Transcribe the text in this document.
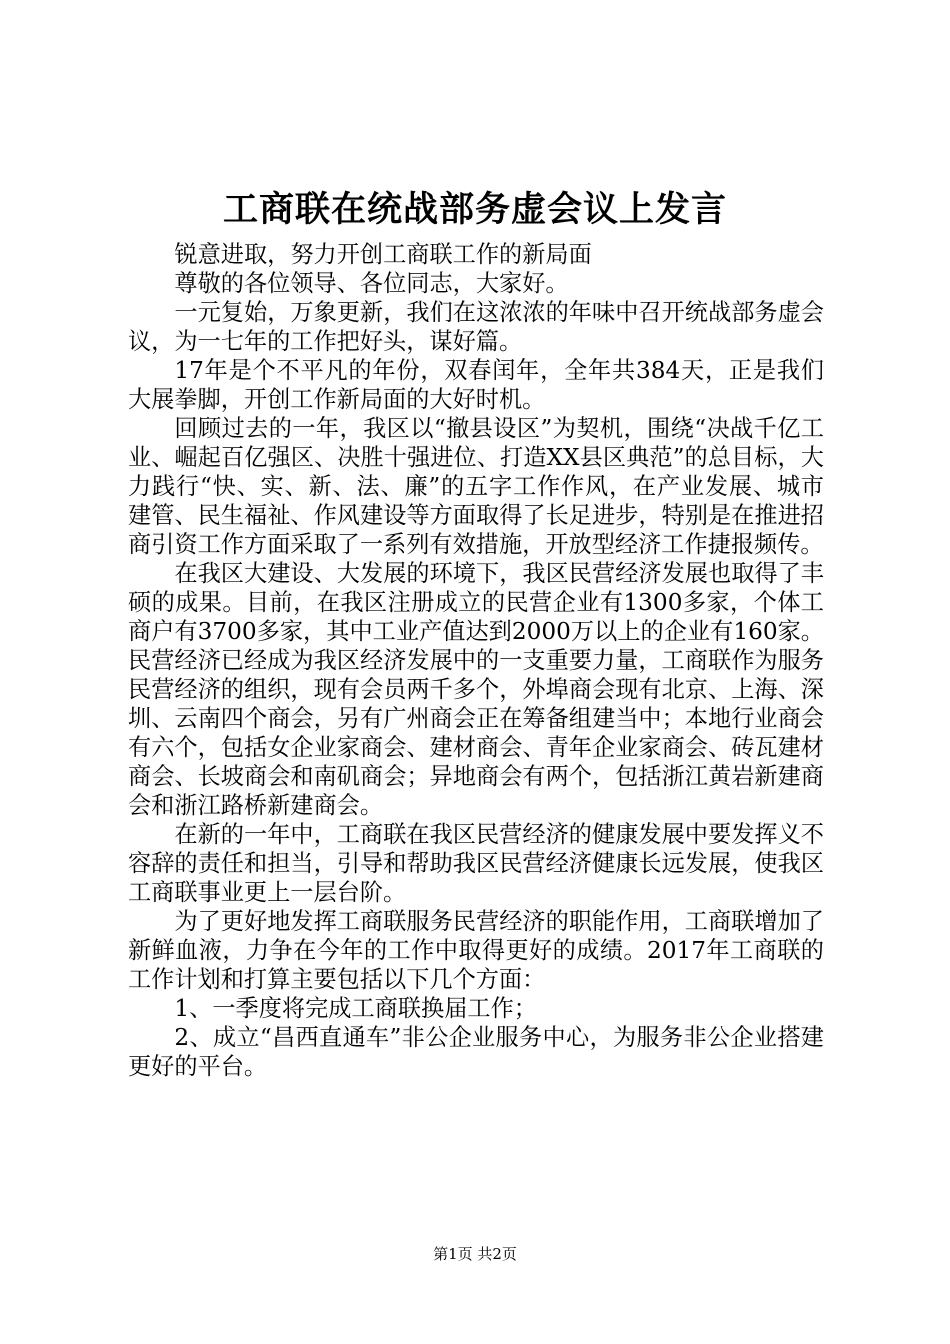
工商联在统战部务虚会议上发言

锐意进取，努力开创工商联工作的新局面

尊敬的各位领导、各位同志，大家好。

一元复始，万象更新，我们在这浓浓的年味中召开统战部务虚会议，为一七年的工作把好头，谋好篇。

17年是个不平凡的年份，双春闰年，全年共384天，正是我们大展拳脚，开创工作新局面的大好时机。

回顾过去的一年，我区以“撤县设区”为契机，围绕“决战千亿工业、崛起百亿强区、决胜十强进位、打造XX县区典范”的总目标，大力践行“快、实、新、法、廉”的五字工作作风，在产业发展、城市建管、民生福祉、作风建设等方面取得了长足进步，特别是在推进招商引资工作方面采取了一系列有效措施，开放型经济工作捷报频传。

在我区大建设、大发展的环境下，我区民营经济发展也取得了丰硕的成果。目前，在我区注册成立的民营企业有1300多家，个体工商户有3700多家，其中工业产值达到2000万以上的企业有160家。民营经济已经成为我区经济发展中的一支重要力量，工商联作为服务民营经济的组织，现有会员两千多个，外埠商会现有北京、上海、深圳、云南四个商会，另有广州商会正在筹备组建当中；本地行业商会有六个，包括女企业家商会、建材商会、青年企业家商会、砖瓦建材商会、长坡商会和南矶商会；异地商会有两个，包括浙江黄岩新建商会和浙江路桥新建商会。

在新的一年中，工商联在我区民营经济的健康发展中要发挥义不容辞的责任和担当，引导和帮助我区民营经济健康长远发展，使我区工商联事业更上一层台阶。

为了更好地发挥工商联服务民营经济的职能作用，工商联增加了新鲜血液，力争在今年的工作中取得更好的成绩。2017年工商联的工作计划和打算主要包括以下几个方面：

1、一季度将完成工商联换届工作；

2、成立“昌西直通车”非公企业服务中心，为服务非公企业搭建更好的平台。

第1页 共2页
